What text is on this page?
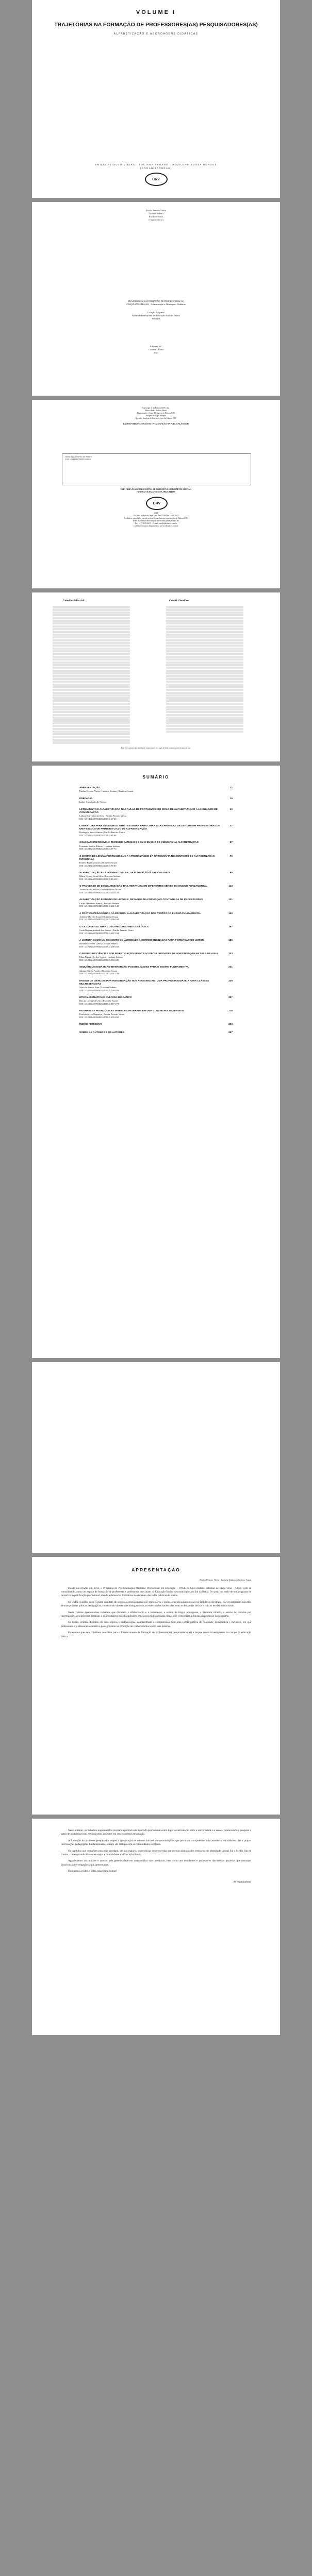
VOLUME I
TRAJETÓRIAS NA FORMAÇÃO DE PROFESSORES(AS) PESQUISADORES(AS)
ALFABETIZAÇÃO E ABORDAGENS DIDÁTICAS
EMILIA PEIXOTO VIEIRA · LUCIANA SEDANO · ROZILENE SOUSA BORGES
(ORGANIZADORAS)
CRV
Emilia Peixoto Vieira
Luciana Sedano
Rozilene Souza
(Organizadoras)
TRAJETÓRIAS NA FORMAÇÃO DE PROFESSORES(AS)
PESQUISADORES(AS) - Alfabetização e Abordagens Didáticas
Coleção Programa
Mestrado Profissional em Educação da UESC Bahia
Volume I
Editora CRV
Curitiba – Brasil
2024
Copyright © da Editora CRV Ltda.
Editor-chefe: Railson Moura
Diagramação e Capa: Designers da Editora CRV
Imagem da Capa: Freepik
Revisão: Analista de Escrita e Artes da Editora CRV
DADOS INTERNACIONAIS DE CATALOGAÇÃO NA PUBLICAÇÃO (CIP)
ISBN Digital 978-65-251-0000-0
DOI 10.24824/978652510000.0
ESTA OBRA TAMBÉM ENCONTRA-SE DISPONÍVEL EM FORMATO DIGITAL.
CONHEÇA E BAIXE NOSSO APLICATIVO!
CRV
2024
Foi feito o depósito legal conf. Lei 10.994 de 14/12/2004
Proibida a reprodução parcial ou total desta obra sem autorização da Editora CRV
Todos os direitos desta edição reservados pela Editora CRV
Tel.: (41) 3039-6418 - E-mail: sac@editoracrv.com.br
Conheça os nossos lançamentos: www.editoracrv.com.br
Conselho Editorial:	Comitê Científico:
Este livro passou por avaliação e aprovação às cegas de dois ou mais pareceristas ad hoc.
SUMÁRIO
APRESENTAÇÃO	11
Emilia Peixoto Vieira | Luciana Sedano | Rozilene Souza
PREFÁCIO	15
Isabel Jesus Sales de Freitas
LETRAMENTO E ALFABETIZAÇÃO NAS AULAS DE PORTUGUÊS: DO CICLO DE ALFABETIZAÇÃO À LINGUAGEM DE COMUNICAÇÃO
19
Lidiane Carvalho da Silva | Emilia Peixoto Vieira
DOI: 10.24824/978652510000.0.19-36
LITERATURA PARA OS ALUNOS: UMA TESSITURA PARA CRIAR DUAS PRÁTICAS DE LEITURA EM PROFESSORAS DE UMA ESCOLA DE PRIMEIRO CICLO DE ALFABETIZAÇÃO
37
Rosângela Souza Santos | Emilia Peixoto Vieira
DOI: 10.24824/978652510000.0.37-56
COLEÇÃO EMERGÊNCIA: TECENDO CAMINHOS COM O ENSINO DE CIÊNCIAS NA ALFABETIZAÇÃO	57
Fernanda Santos Ribeiro | Luciana Sedano
DOI: 10.24824/978652510000.0.57-74
O ENSINO DE LÍNGUA PORTUGUESA E A APRENDIZAGEM DA ORTOGRAFIA NO CONTEXTO DE ALFABETIZAÇÃO INTEGRADA
75
Ivanete Pereira Santos | Rozilene Souza
DOI: 10.24824/978652510000.0.75-94
ALFABETIZAÇÃO E LETRAMENTO A LER: DA FORMAÇÃO À SALA DE AULA	95
Maria Helena Lima Silva | Luciana Sedano
DOI: 10.24824/978652510000.0.95-112
O PROCESSO DE ESCOLARIZAÇÃO DA LITERATURA EM DIFERENTES SÉRIES DO ENSINO FUNDAMENTAL	113
Taiana Rocha Souza | Emilia Peixoto Vieira
DOI: 10.24824/978652510000.0.113-130
ALFABETIZAÇÃO E ENSINO DE LEITURA: DESAFIOS NA FORMAÇÃO CONTINUADA DE PROFESSORES	131
Lucas Fernandes Santos | Luciana Sedano
DOI: 10.24824/978652510000.0.131-148
A PRÁTICA PEDAGÓGICA NA ESCRITA: A ALFABETIZAÇÃO DOS TEXTOS NO ENSINO FUNDAMENTAL	149
Adriana Moreira Souza | Rozilene Souza
DOI: 10.24824/978652510000.0.149-166
O CICLO DE CULTURA COMO RECURSO METODOLÓGICO	167
Carla Regina Andrade dos Santos | Emilia Peixoto Vieira
DOI: 10.24824/978652510000.0.167-184
A LEITURA COMO UM CONCEITO DE VARIEDADE A SERREM ENSINADAS PARA FORMAÇÃO DO LEITOR	185
Daniela Moreira Lima | Luciana Sedano
DOI: 10.24824/978652510000.0.185-202
O ENSINO DE CIÊNCIAS POR INVESTIGAÇÃO FRENTE AO PECULIARIDADES DA INVESTIGAÇÃO NA SALA DE AULA	203
Edna Figueiredo dos Santos | Luciana Sedano
DOI: 10.24824/978652510000.0.203-220
SEQUÊNCIAS DIDÁTICAS INTERATIVAS: POSSIBILIDADES PARA O ENSINO FUNDAMENTAL	221
Juliana Pereira Araújo | Rozilene Souza
DOI: 10.24824/978652510000.0.221-238
ENSINO DE CIÊNCIAS POR INVESTIGAÇÃO NOS ANOS INICIAIS: UMA PROPOSTA DIDÁTICA PARA CLASSES MULTISSERIADAS
239
Marcelo Santos Pires | Luciana Sedano
DOI: 10.24824/978652510000.0.239-256
ETNOMATEMÁTICA E CULTURA DO CAMPO	257
Rita de Cássia Oliveira | Rozilene Souza
DOI: 10.24824/978652510000.0.257-274
INTERFACES PEDAGÓGICAS INTERDISCIPLINARES EM UMA CLASSE MULTISSERIADA	275
Patrícia Alves Nogueira | Emilia Peixoto Vieira
DOI: 10.24824/978652510000.0.275-292
ÍNDICE REMISSIVO	293
SOBRE AS AUTORAS E OS AUTORES	297
APRESENTAÇÃO
Emilia Peixoto Vieira | Luciana Sedano | Rozilene Souza

Desde sua criação em 2013, o Programa de Pós-Graduação Mestrado Profissional em Educação – PPGE da Universidade Estadual de Santa Cruz – UESC vem se consolidando como um espaço de formação de professores e professoras que atuam na Educação Básica dos municípios do Sul da Bahia. O curso, por meio de um programa de incentivo à qualificação profissional, atende a demandas formativas de docentes das redes públicas de ensino.

Os textos reunidos neste volume resultam de pesquisas desenvolvidas por professores e professoras pesquisadores(as) no âmbito do mestrado, que investigaram aspectos de suas próprias práticas pedagógicas, construindo saberes que dialogam com as necessidades das escolas, com as demandas sociais e com as teorias educacionais.

Neste volume apresentamos trabalhos que discutem a alfabetização e o letramento, o ensino de língua portuguesa, a literatura infantil, o ensino de ciências por investigação, as sequências didáticas e as abordagens interdisciplinares em classes multisseriadas, temas que evidenciam a riqueza da produção do programa.

Os textos, embora distintos em seus objetos e metodologias, compartilham o compromisso com uma escola pública de qualidade, democrática e inclusiva, em que professores e professoras assumem o protagonismo na produção de conhecimentos sobre suas práticas.

Esperamos que esta coletânea contribua para o fortalecimento da formação de professores(as) pesquisadores(as) e inspire novas investigações no campo da educação básica.

Nessa direção, os trabalhos aqui reunidos revelam a potência do mestrado profissional como lugar de articulação entre a universidade e a escola, promovendo a pesquisa a partir de problemas reais vividos pelos docentes em seus contextos de atuação.

A formação do professor pesquisador requer a apropriação de referenciais teórico-metodológicos que permitam compreender criticamente a realidade escolar e propor intervenções pedagógicas fundamentadas, sempre em diálogo com as comunidades escolares.

Os capítulos que compõem esta obra abordam, em sua maioria, experiências desenvolvidas em escolas públicas dos territórios de identidade Litoral Sul e Médio Rio de Contas, contemplando diferentes etapas e modalidades da Educação Básica.

Agradecemos aos autores e autoras pela generosidade em compartilhar suas pesquisas, bem como aos estudantes e professores das escolas parceiras que tornaram possíveis as investigações aqui apresentadas.

Desejamos a todos e todas uma ótima leitura!

As organizadoras
